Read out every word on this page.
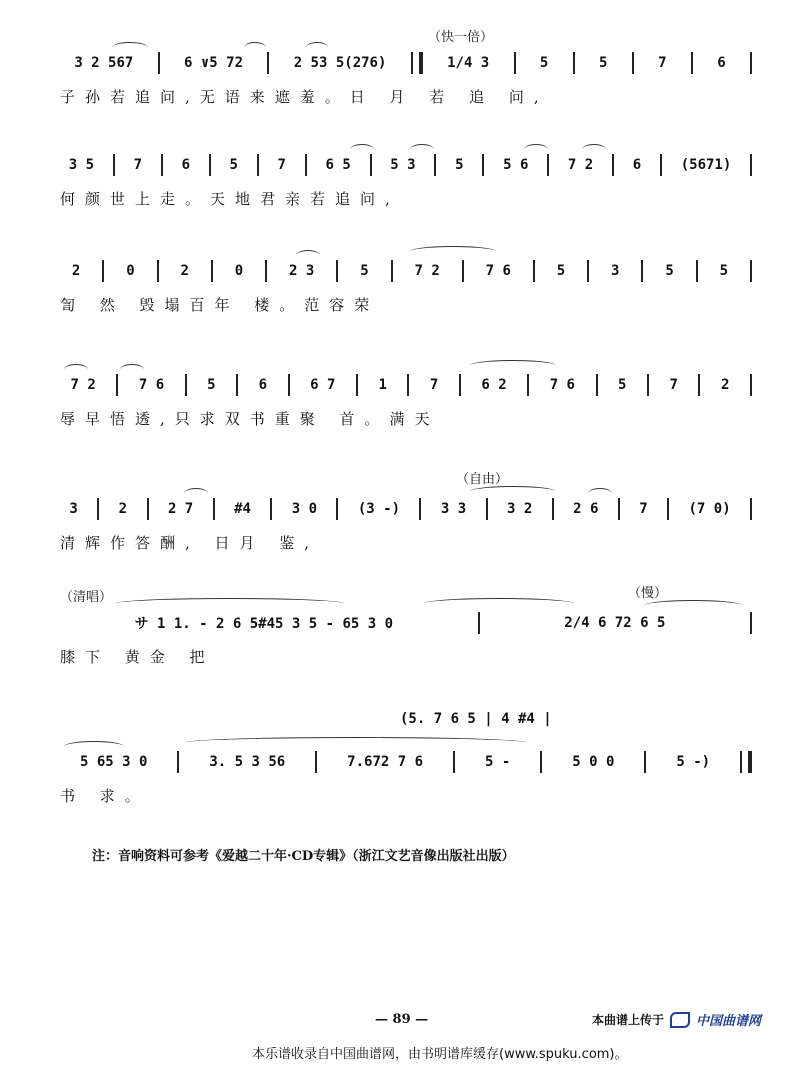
3 2 567	6 ∨5 72	2 53 5(276)	1/4 3	5	5	7	6
子孙若追问,无语来遮羞。日 月 若 追 问,
（快一倍）
3 5	7	6	5	7	6 5	5 3	5	5 6	7 2	6	(5671)
何颜世上走。天地君亲若追问,
2	0	2	0	2 3	5	7 2	7 6	5	3	5	5
訇 然 毁塌百年 楼。范容荣
7 2	7 6	5	6	6 7	1	7	6 2	7 6	5	7	2
辱早悟透,只求双书重聚 首。满天
3	2	2 7	#4	3 0	(3 -)	3 3	3 2	2 6	7	(7 0)
清辉作答酬, 日月 鉴,
（自由）
サ 1 1. - 2 6 5#45 3 5 - 65 3 0	2/4 6 72 6 5
膝下 黄金 把
（清唱）	（慢）
5 65 3 0	3. 5 3 56	7.672 7 6	5 -	5 0 0	5 -)
书 求。
(5. 7 6 5 | 4 #4 |
注：音响资料可参考《爱越二十年·CD专辑》（浙江文艺音像出版社出版）
— 89 —	本曲谱上传于 中国曲谱网
本乐谱收录自中国曲谱网，由书明谱库缓存(www.spuku.com)。
